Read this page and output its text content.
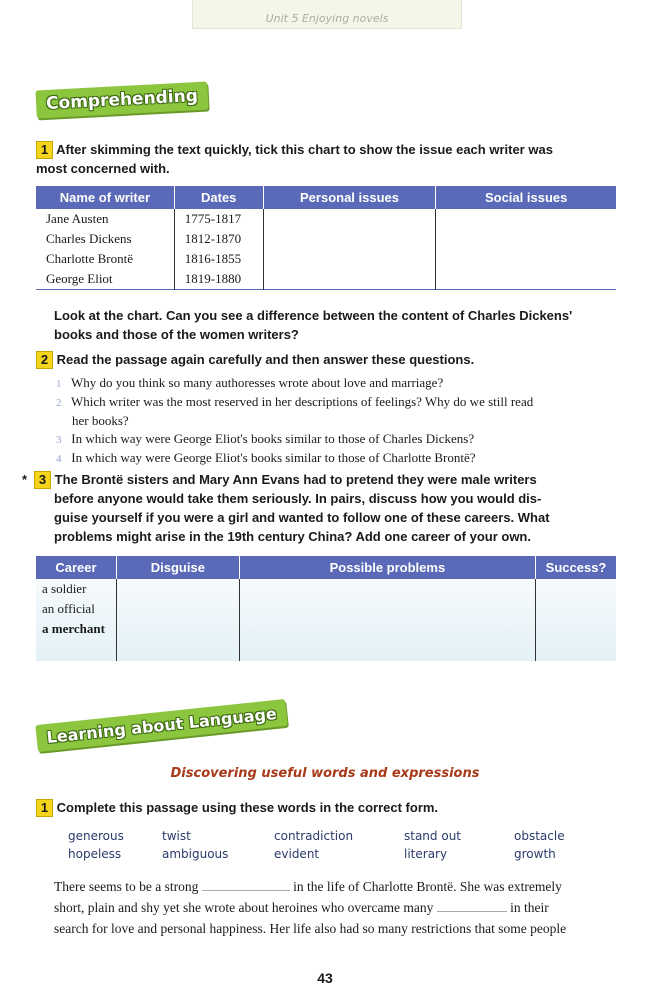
Unit 5 Enjoying novels
Comprehending
1 After skimming the text quickly, tick this chart to show the issue each writer was
most concerned with.
Name of writer	Dates	Personal issues	Social issues
Jane Austen	1775-1817		
Charles Dickens	1812-1870		
Charlotte Brontë	1816-1855		
George Eliot	1819-1880		
Look at the chart. Can you see a difference between the content of Charles Dickens'
books and those of the women writers?
2 Read the passage again carefully and then answer these questions.
1 Why do you think so many authoresses wrote about love and marriage?
2 Which writer was the most reserved in her descriptions of feelings? Why do we still read
her books?
3 In which way were George Eliot's books similar to those of Charles Dickens?
4 In which way were George Eliot's books similar to those of Charlotte Brontë?
* 3 The Brontë sisters and Mary Ann Evans had to pretend they were male writers
before anyone would take them seriously. In pairs, discuss how you would dis-
guise yourself if you were a girl and wanted to follow one of these careers. What
problems might arise in the 19th century China? Add one career of your own.
Career	Disguise	Possible problems	Success?
a soldier			
an official			
a merchant			

Learning about Language
Discovering useful words and expressions
1 Complete this passage using these words in the correct form.
generous	twist	contradiction	stand out	obstacle
hopeless	ambiguous	evident	literary	growth
There seems to be a strong	in the life of Charlotte Brontë. She was extremely
short, plain and shy yet she wrote about heroines who overcame many	in their
search for love and personal happiness. Her life also had so many restrictions that some people
43
